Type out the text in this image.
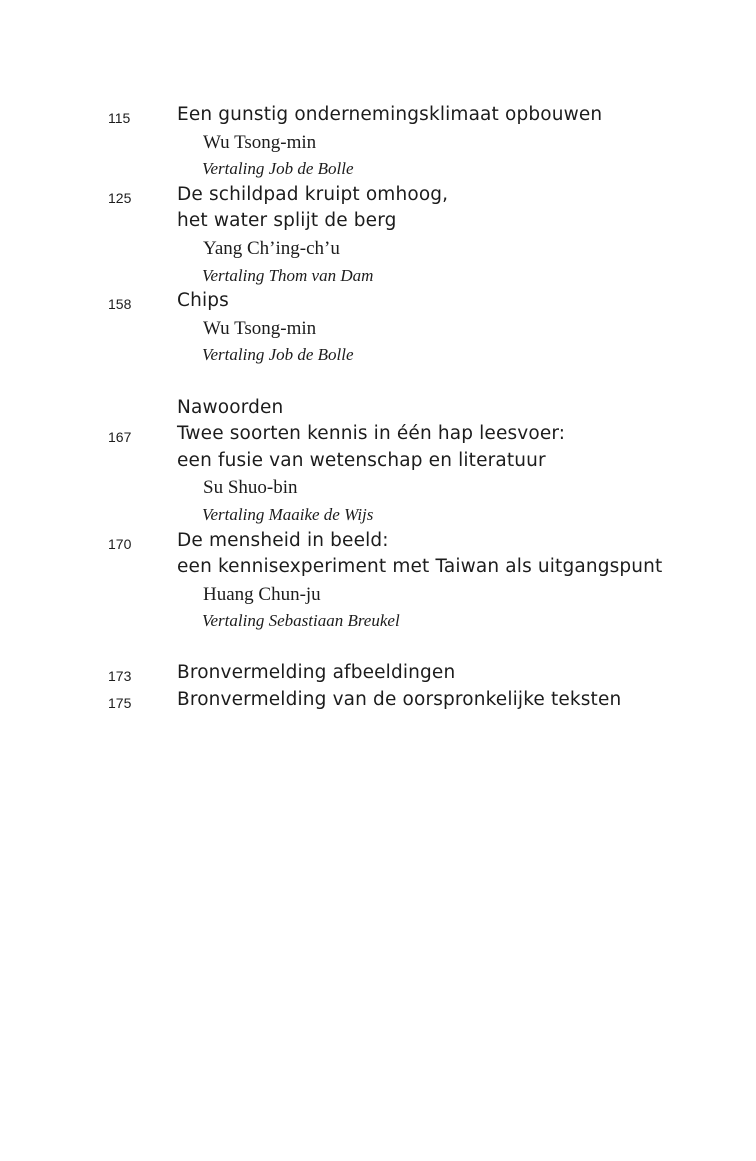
115	Een gunstig ondernemingsklimaat opbouwen
Wu Tsong-min
Vertaling Job de Bolle
125 De schildpad kruipt omhoog,
het water splijt de berg
Yang Ch’ing-ch’u
Vertaling Thom van Dam
158 Chips
Wu Tsong-min
Vertaling Job de Bolle
Nawoorden
167 Twee soorten kennis in één hap leesvoer:
een fusie van wetenschap en literatuur
Su Shuo-bin
Vertaling Maaike de Wijs
170 De mensheid in beeld:
een kennisexperiment met Taiwan als uitgangspunt
Huang Chun-ju
Vertaling Sebastiaan Breukel
173 Bronvermelding afbeeldingen
175 Bronvermelding van de oorspronkelijke teksten
